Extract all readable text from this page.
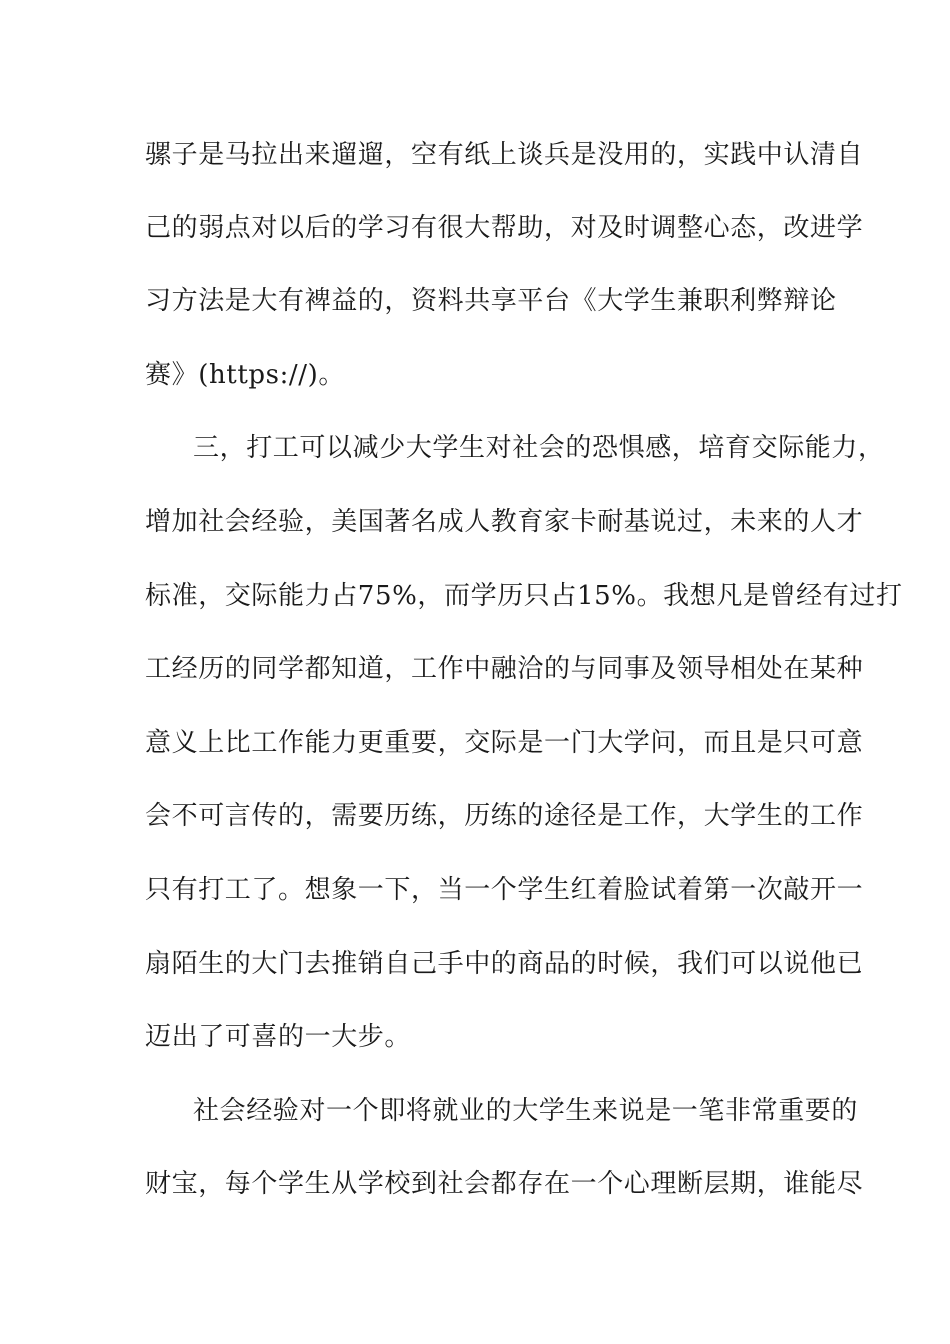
骡子是马拉出来遛遛，空有纸上谈兵是没用的，实践中认清自
己的弱点对以后的学习有很大帮助，对及时调整心态，改进学
习方法是大有裨益的，资料共享平台《大学生兼职利弊辩论
赛》(https://)。
三，打工可以减少大学生对社会的恐惧感，培育交际能力，
增加社会经验，美国著名成人教育家卡耐基说过，未来的人才
标准，交际能力占75%，而学历只占15%。我想凡是曾经有过打
工经历的同学都知道，工作中融洽的与同事及领导相处在某种
意义上比工作能力更重要，交际是一门大学问，而且是只可意
会不可言传的，需要历练，历练的途径是工作，大学生的工作
只有打工了。想象一下，当一个学生红着脸试着第一次敲开一
扇陌生的大门去推销自己手中的商品的时候，我们可以说他已
迈出了可喜的一大步。
社会经验对一个即将就业的大学生来说是一笔非常重要的
财宝，每个学生从学校到社会都存在一个心理断层期，谁能尽
